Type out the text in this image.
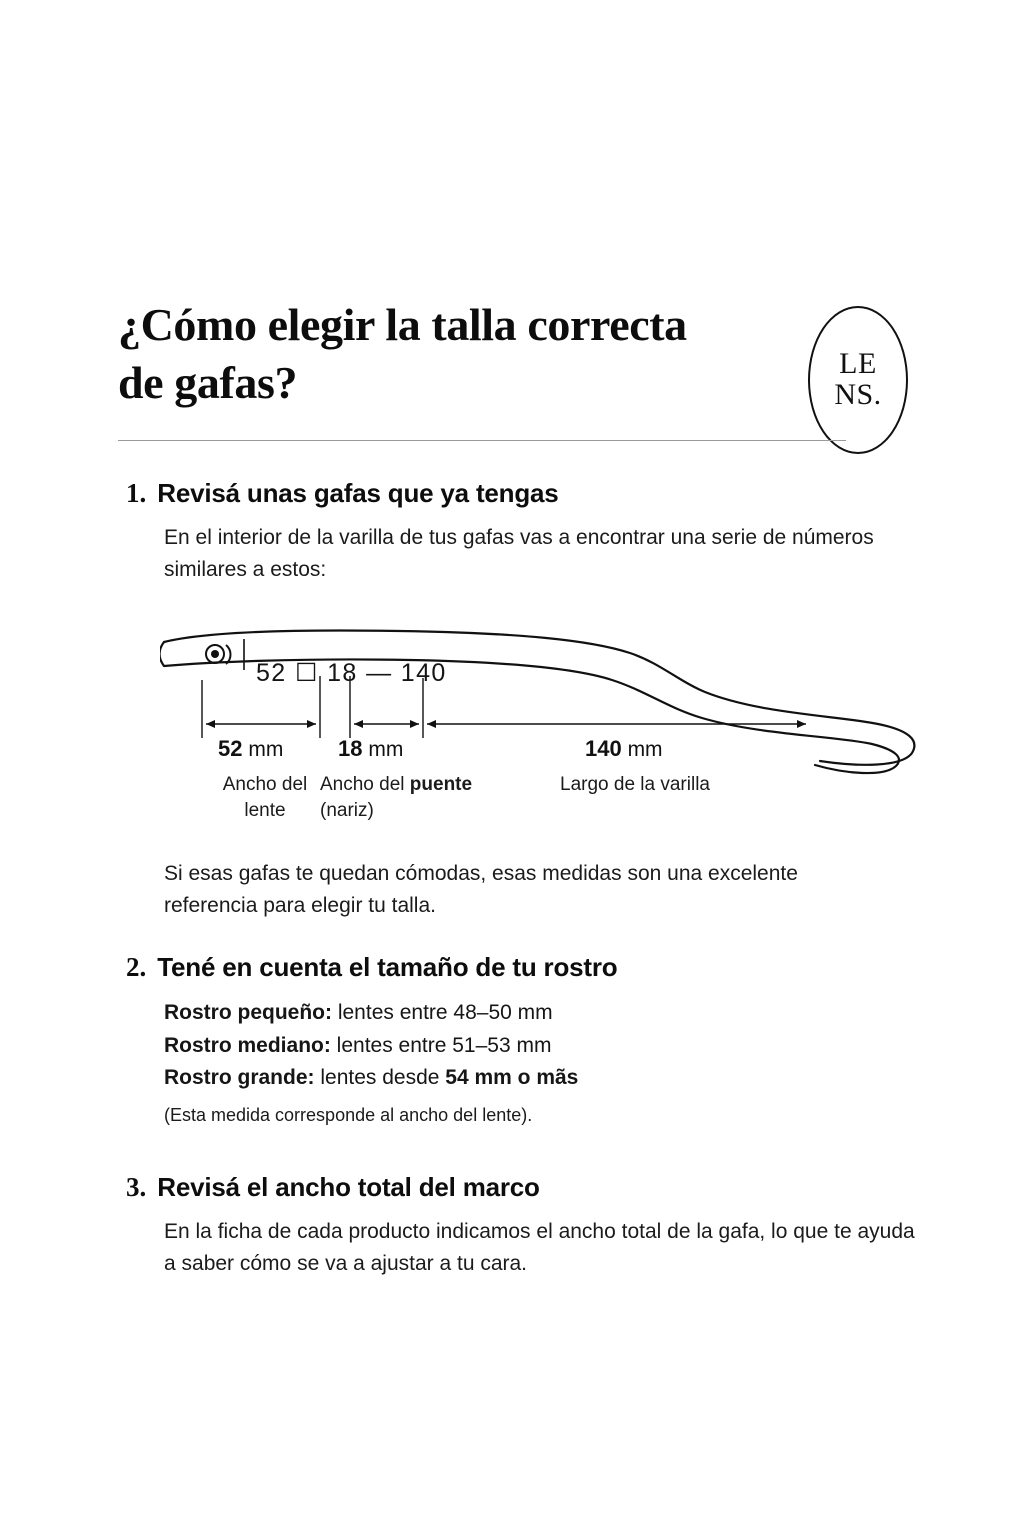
¿Cómo elegir la talla correcta de gafas?	LE
NS.
1. Revisá unas gafas que ya tengas
En el interior de la varilla de tus gafas vas a encontrar una serie de números similares a estos:
52 ☐ 18 — 140
52 mm
Ancho del
lente
18 mm
Ancho del puente
(nariz)
140 mm
Largo de la varilla
Si esas gafas te quedan cómodas, esas medidas son una excelente referencia para elegir tu talla.
2. Tené en cuenta el tamaño de tu rostro
Rostro pequeño: lentes entre 48–50 mm
Rostro mediano: lentes entre 51–53 mm
Rostro grande: lentes desde 54 mm o mãs
(Esta medida corresponde al ancho del lente).
3. Revisá el ancho total del marco
En la ficha de cada producto indicamos el ancho total de la gafa, lo que te ayuda a saber cómo se va a ajustar a tu cara.
